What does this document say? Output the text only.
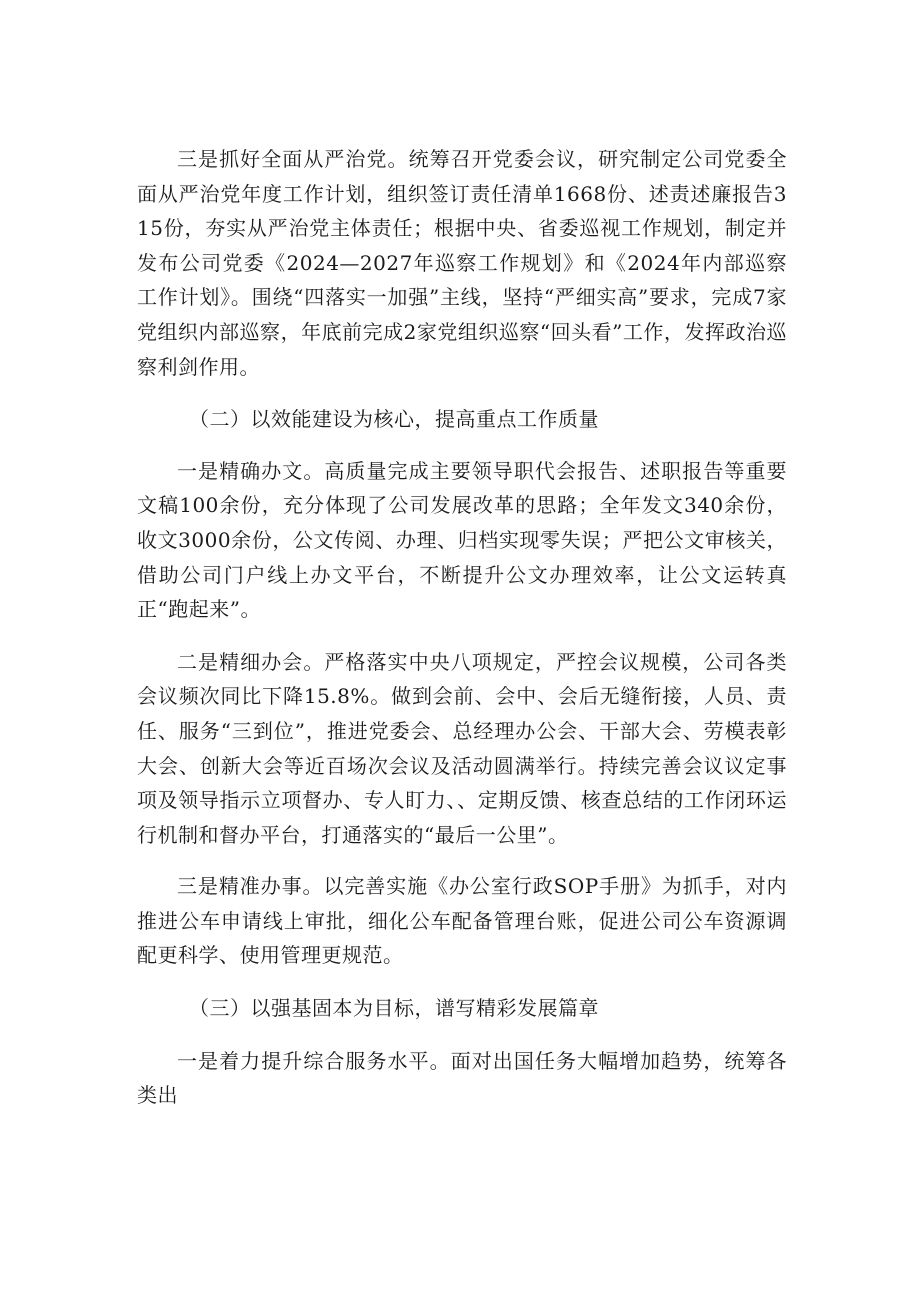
三是抓好全面从严治党。统筹召开党委会议，研究制定公司党委全面从严治党年度工作计划，组织签订责任清单1668份、述责述廉报告315份，夯实从严治党主体责任；根据中央、省委巡视工作规划，制定并发布公司党委《2024—2027年巡察工作规划》和《2024年内部巡察工作计划》。围绕“四落实一加强”主线，坚持“严细实高”要求，完成7家党组织内部巡察，年底前完成2家党组织巡察“回头看”工作，发挥政治巡察利剑作用。

（二）以效能建设为核心，提高重点工作质量

一是精确办文。高质量完成主要领导职代会报告、述职报告等重要文稿100余份，充分体现了公司发展改革的思路；全年发文340余份，收文3000余份，公文传阅、办理、归档实现零失误；严把公文审核关，借助公司门户线上办文平台，不断提升公文办理效率，让公文运转真正“跑起来”。

二是精细办会。严格落实中央八项规定，严控会议规模，公司各类会议频次同比下降15.8%。做到会前、会中、会后无缝衔接，人员、责任、服务“三到位”，推进党委会、总经理办公会、干部大会、劳模表彰大会、创新大会等近百场次会议及活动圆满举行。持续完善会议议定事项及领导指示立项督办、专人盯力、、定期反馈、核查总结的工作闭环运行机制和督办平台，打通落实的“最后一公里”。

三是精准办事。以完善实施《办公室行政SOP手册》为抓手，对内推进公车申请线上审批，细化公车配备管理台账，促进公司公车资源调配更科学、使用管理更规范。

（三）以强基固本为目标，谱写精彩发展篇章

一是着力提升综合服务水平。面对出国任务大幅增加趋势，统筹各类出
